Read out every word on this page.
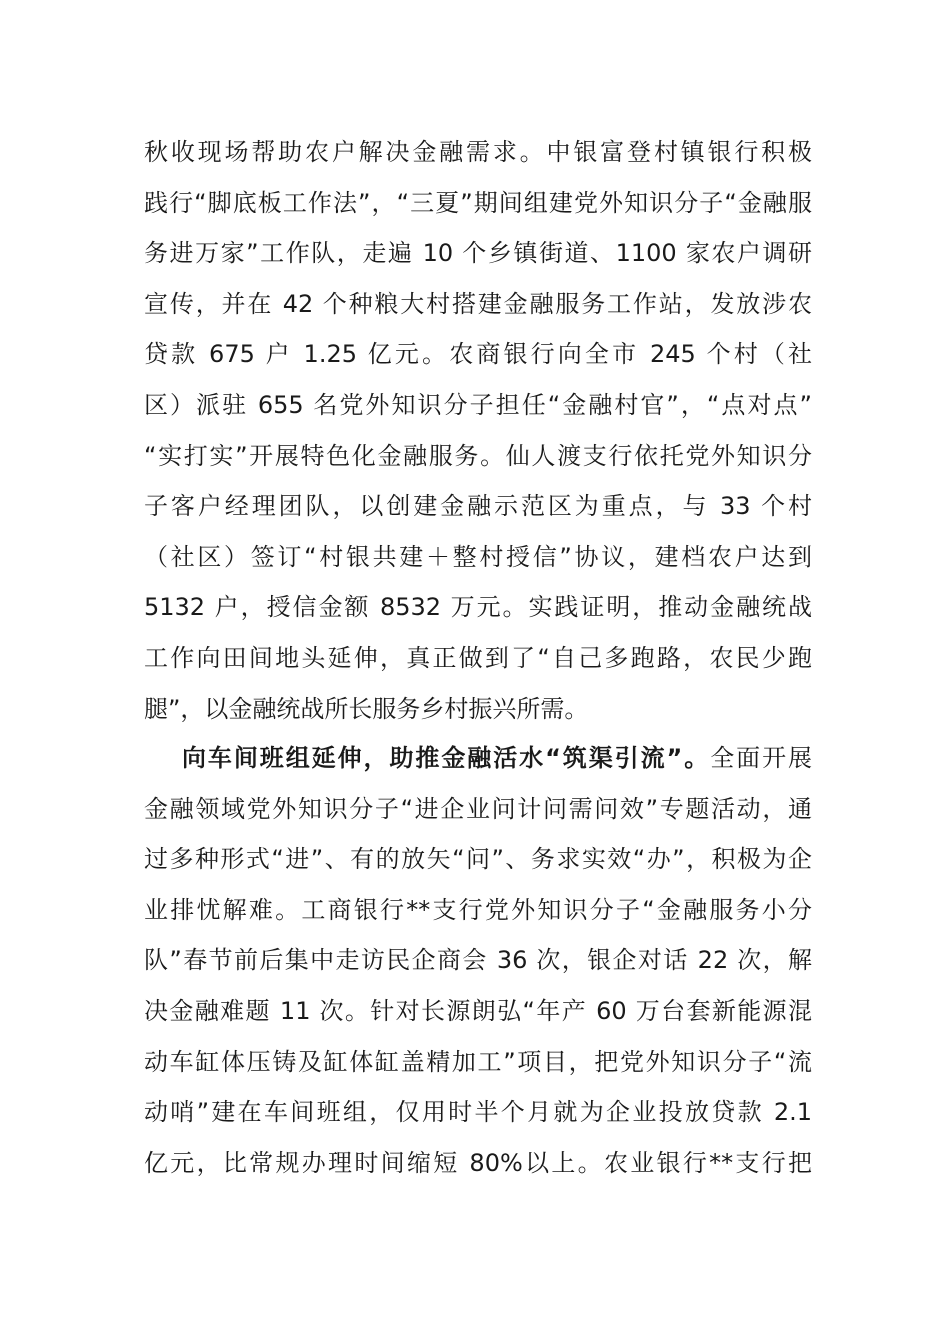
秋收现场帮助农户解决金融需求。中银富登村镇银行积极
践行“脚底板工作法”，“三夏”期间组建党外知识分子“金融服
务进万家”工作队，走遍 10 个乡镇街道、1100 家农户调研
宣传，并在 42 个种粮大村搭建金融服务工作站，发放涉农
贷款 675 户 1.25 亿元。农商银行向全市 245 个村（社
区）派驻 655 名党外知识分子担任“金融村官”，“点对点”
“实打实”开展特色化金融服务。仙人渡支行依托党外知识分
子客户经理团队，以创建金融示范区为重点，与 33 个村
（社区）签订“村银共建＋整村授信”协议，建档农户达到
5132 户，授信金额 8532 万元。实践证明，推动金融统战
工作向田间地头延伸，真正做到了“自己多跑路，农民少跑
腿”，以金融统战所长服务乡村振兴所需。
向车间班组延伸，助推金融活水“筑渠引流”。全面开展
金融领域党外知识分子“进企业问计问需问效”专题活动，通
过多种形式“进”、有的放矢“问”、务求实效“办”，积极为企
业排忧解难。工商银行**支行党外知识分子“金融服务小分
队”春节前后集中走访民企商会 36 次，银企对话 22 次，解
决金融难题 11 次。针对长源朗弘“年产 60 万台套新能源混
动车缸体压铸及缸体缸盖精加工”项目，把党外知识分子“流
动哨”建在车间班组，仅用时半个月就为企业投放贷款 2.1
亿元，比常规办理时间缩短 80%以上。农业银行**支行把
